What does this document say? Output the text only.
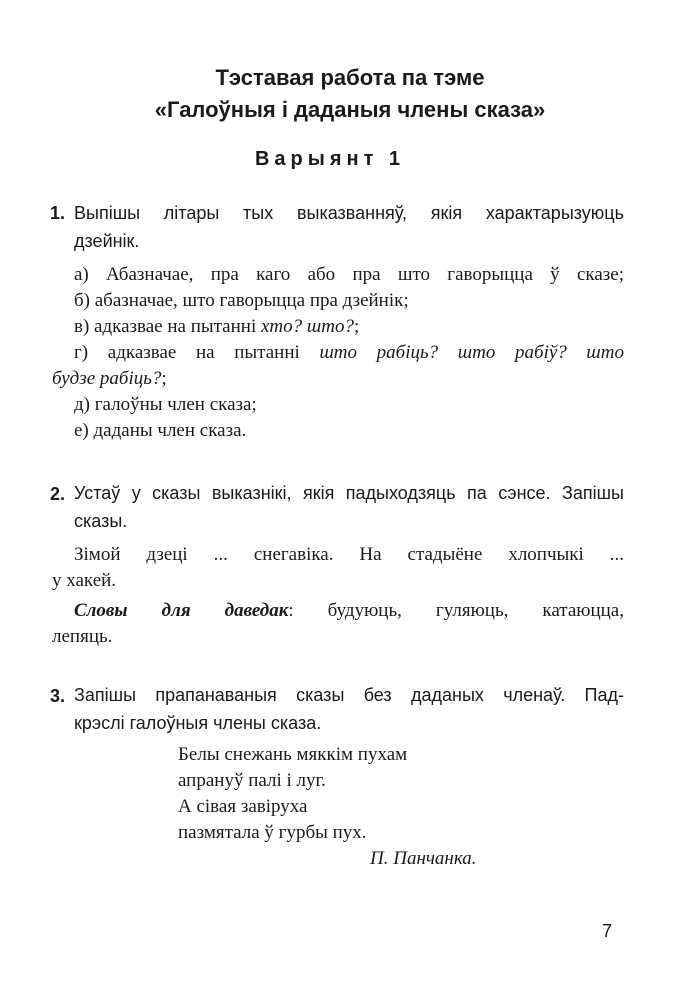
Тэставая работа па тэме
«Галоўныя і даданыя члены сказа»
Варыянт 1
1. Выпішы літары тых выказванняў, якія характарызуюць
дзейнік.
а) Абазначае, пра каго або пра што гаворыцца ў сказе;
б) абазначае, што гаворыцца пра дзейнік;
в) адказвае на пытанні хто? што?;
г) адказвае на пытанні што рабіць? што рабіў? што
будзе рабіць?;
д) галоўны член сказа;
е) даданы член сказа.
2. Устаў у сказы выказнікі, якія падыходзяць па сэнсе. Запішы
сказы.
Зімой дзеці ... снегавіка. На стадыёне хлопчыкі ...
у хакей.
Словы для даведак: будуюць, гуляюць, катаюцца,
лепяць.
3. Запішы прапанаваныя сказы без даданых членаў. Пад-
крэслі галоўныя члены сказа.
Белы снежань мяккім пухам
апрануў палі і луг.
А сівая завіруха
пазмятала ў гурбы пух.
П. Панчанка.
7
